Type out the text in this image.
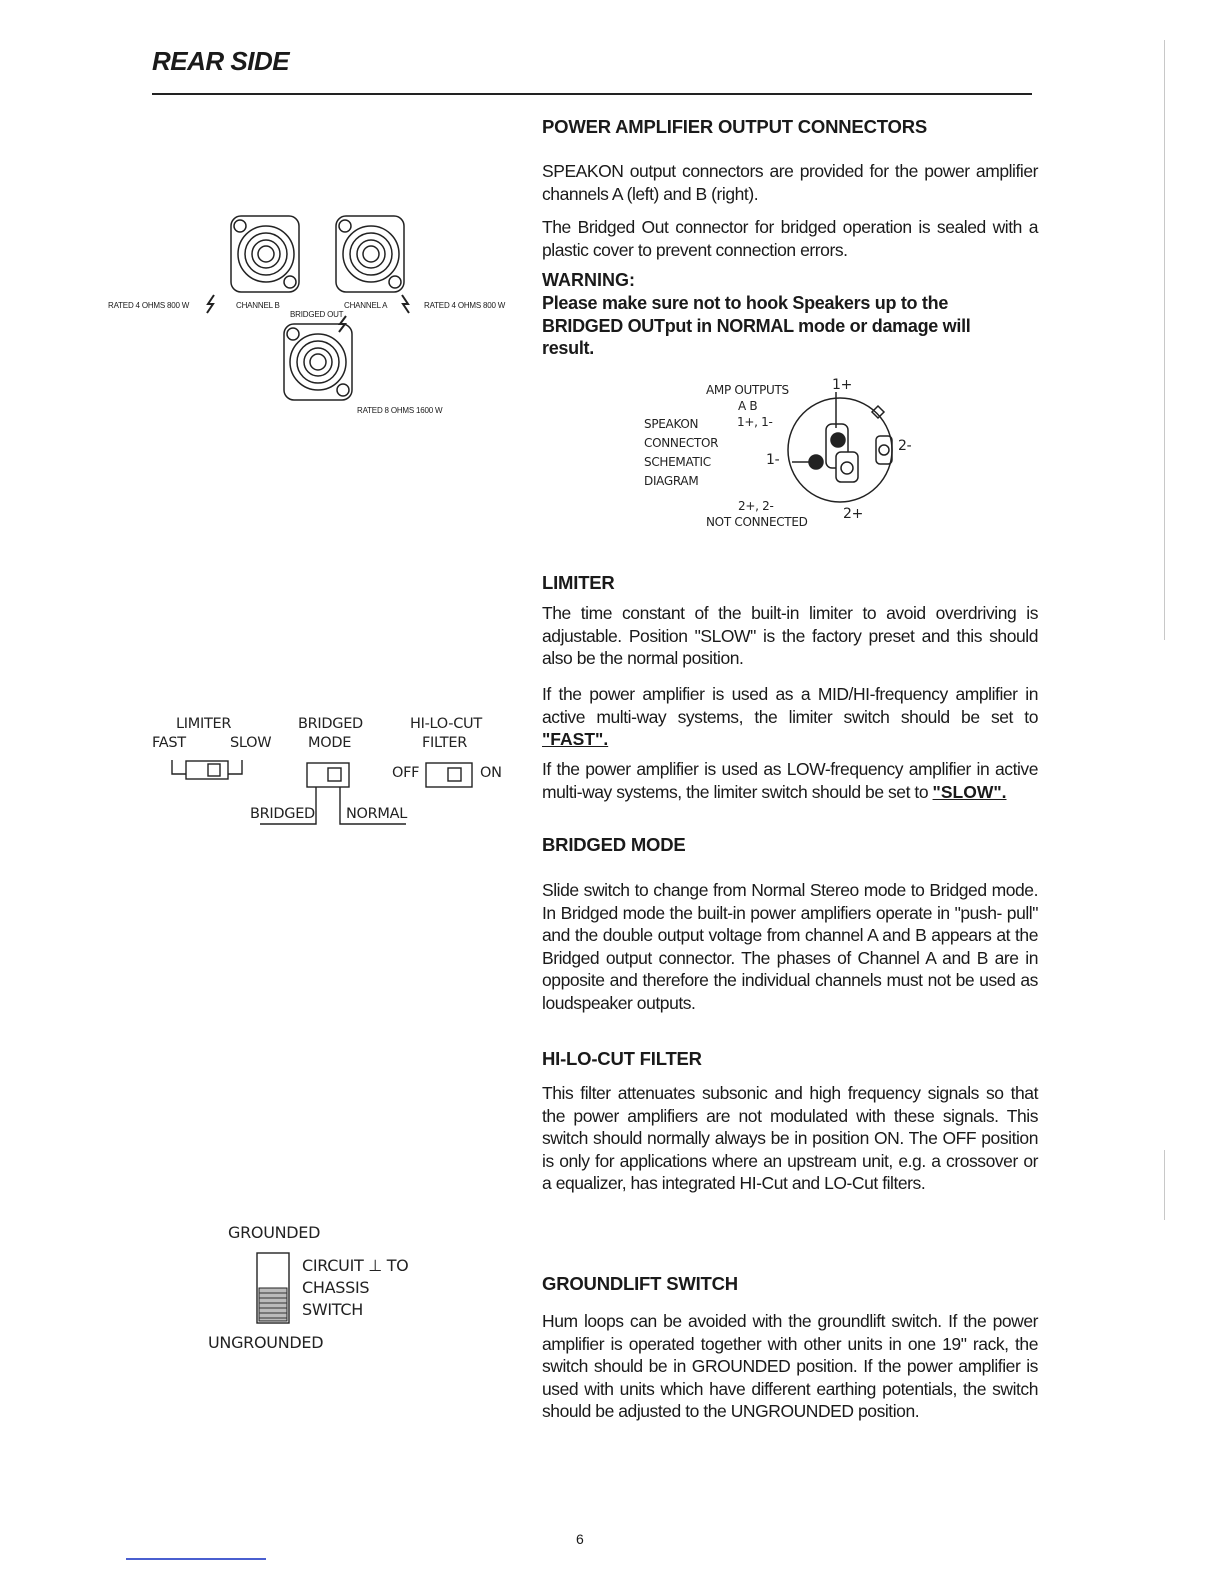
REAR SIDE
RATED 4 OHMS 800 W	CHANNEL B	CHANNEL A	RATED 4 OHMS 800 W
BRIDGED OUT
RATED 8 OHMS 1600 W
LIMITER
FAST	SLOW
BRIDGED
MODE
HI-LO-CUT
FILTER
OFF	ON
BRIDGED NORMAL
GROUNDED
CIRCUIT ⊥ TO
CHASSIS
SWITCH
UNGROUNDED
POWER AMPLIFIER OUTPUT CONNECTORS
SPEAKON output connectors are provided for the power amplifier channels A (left) and B (right).
The Bridged Out connector for bridged operation is sealed with a plastic cover to prevent connection errors.
WARNING:
Please make sure not to hook Speakers up to the BRIDGED OUTput in NORMAL mode or damage will result.
AMP OUTPUTS
A B
1+, 1-
SPEAKON
CONNECTOR
SCHEMATIC
DIAGRAM
2+, 2-
NOT CONNECTED
1+
1-
2-
2+
LIMITER
The time constant of the built-in limiter to avoid overdriving is adjustable. Position "SLOW" is the factory preset and this should also be the normal position.
If the power amplifier is used as a MID/HI-frequency amplifier in active multi-way systems, the limiter switch should be set to "FAST".
If the power amplifier is used as LOW-frequency amplifier in active multi-way systems, the limiter switch should be set to "SLOW".
BRIDGED MODE
Slide switch to change from Normal Stereo mode to Bridged mode. In Bridged mode the built-in power amplifiers operate in "push- pull" and the double output voltage from channel A and B appears at the Bridged output connector. The phases of Channel A and B are in opposite and therefore the individual channels must not be used as loudspeaker outputs.
HI-LO-CUT FILTER
This filter attenuates subsonic and high frequency signals so that the power amplifiers are not modulated with these signals. This switch should normally always be in position ON. The OFF position is only for applications where an upstream unit, e.g. a crossover or a equalizer, has integrated HI-Cut and LO-Cut filters.
GROUNDLIFT SWITCH
Hum loops can be avoided with the groundlift switch. If the power amplifier is operated together with other units in one 19" rack, the switch should be in GROUNDED position. If the power amplifier is used with units which have different earthing potentials, the switch should be adjusted to the UNGROUNDED position.
6
